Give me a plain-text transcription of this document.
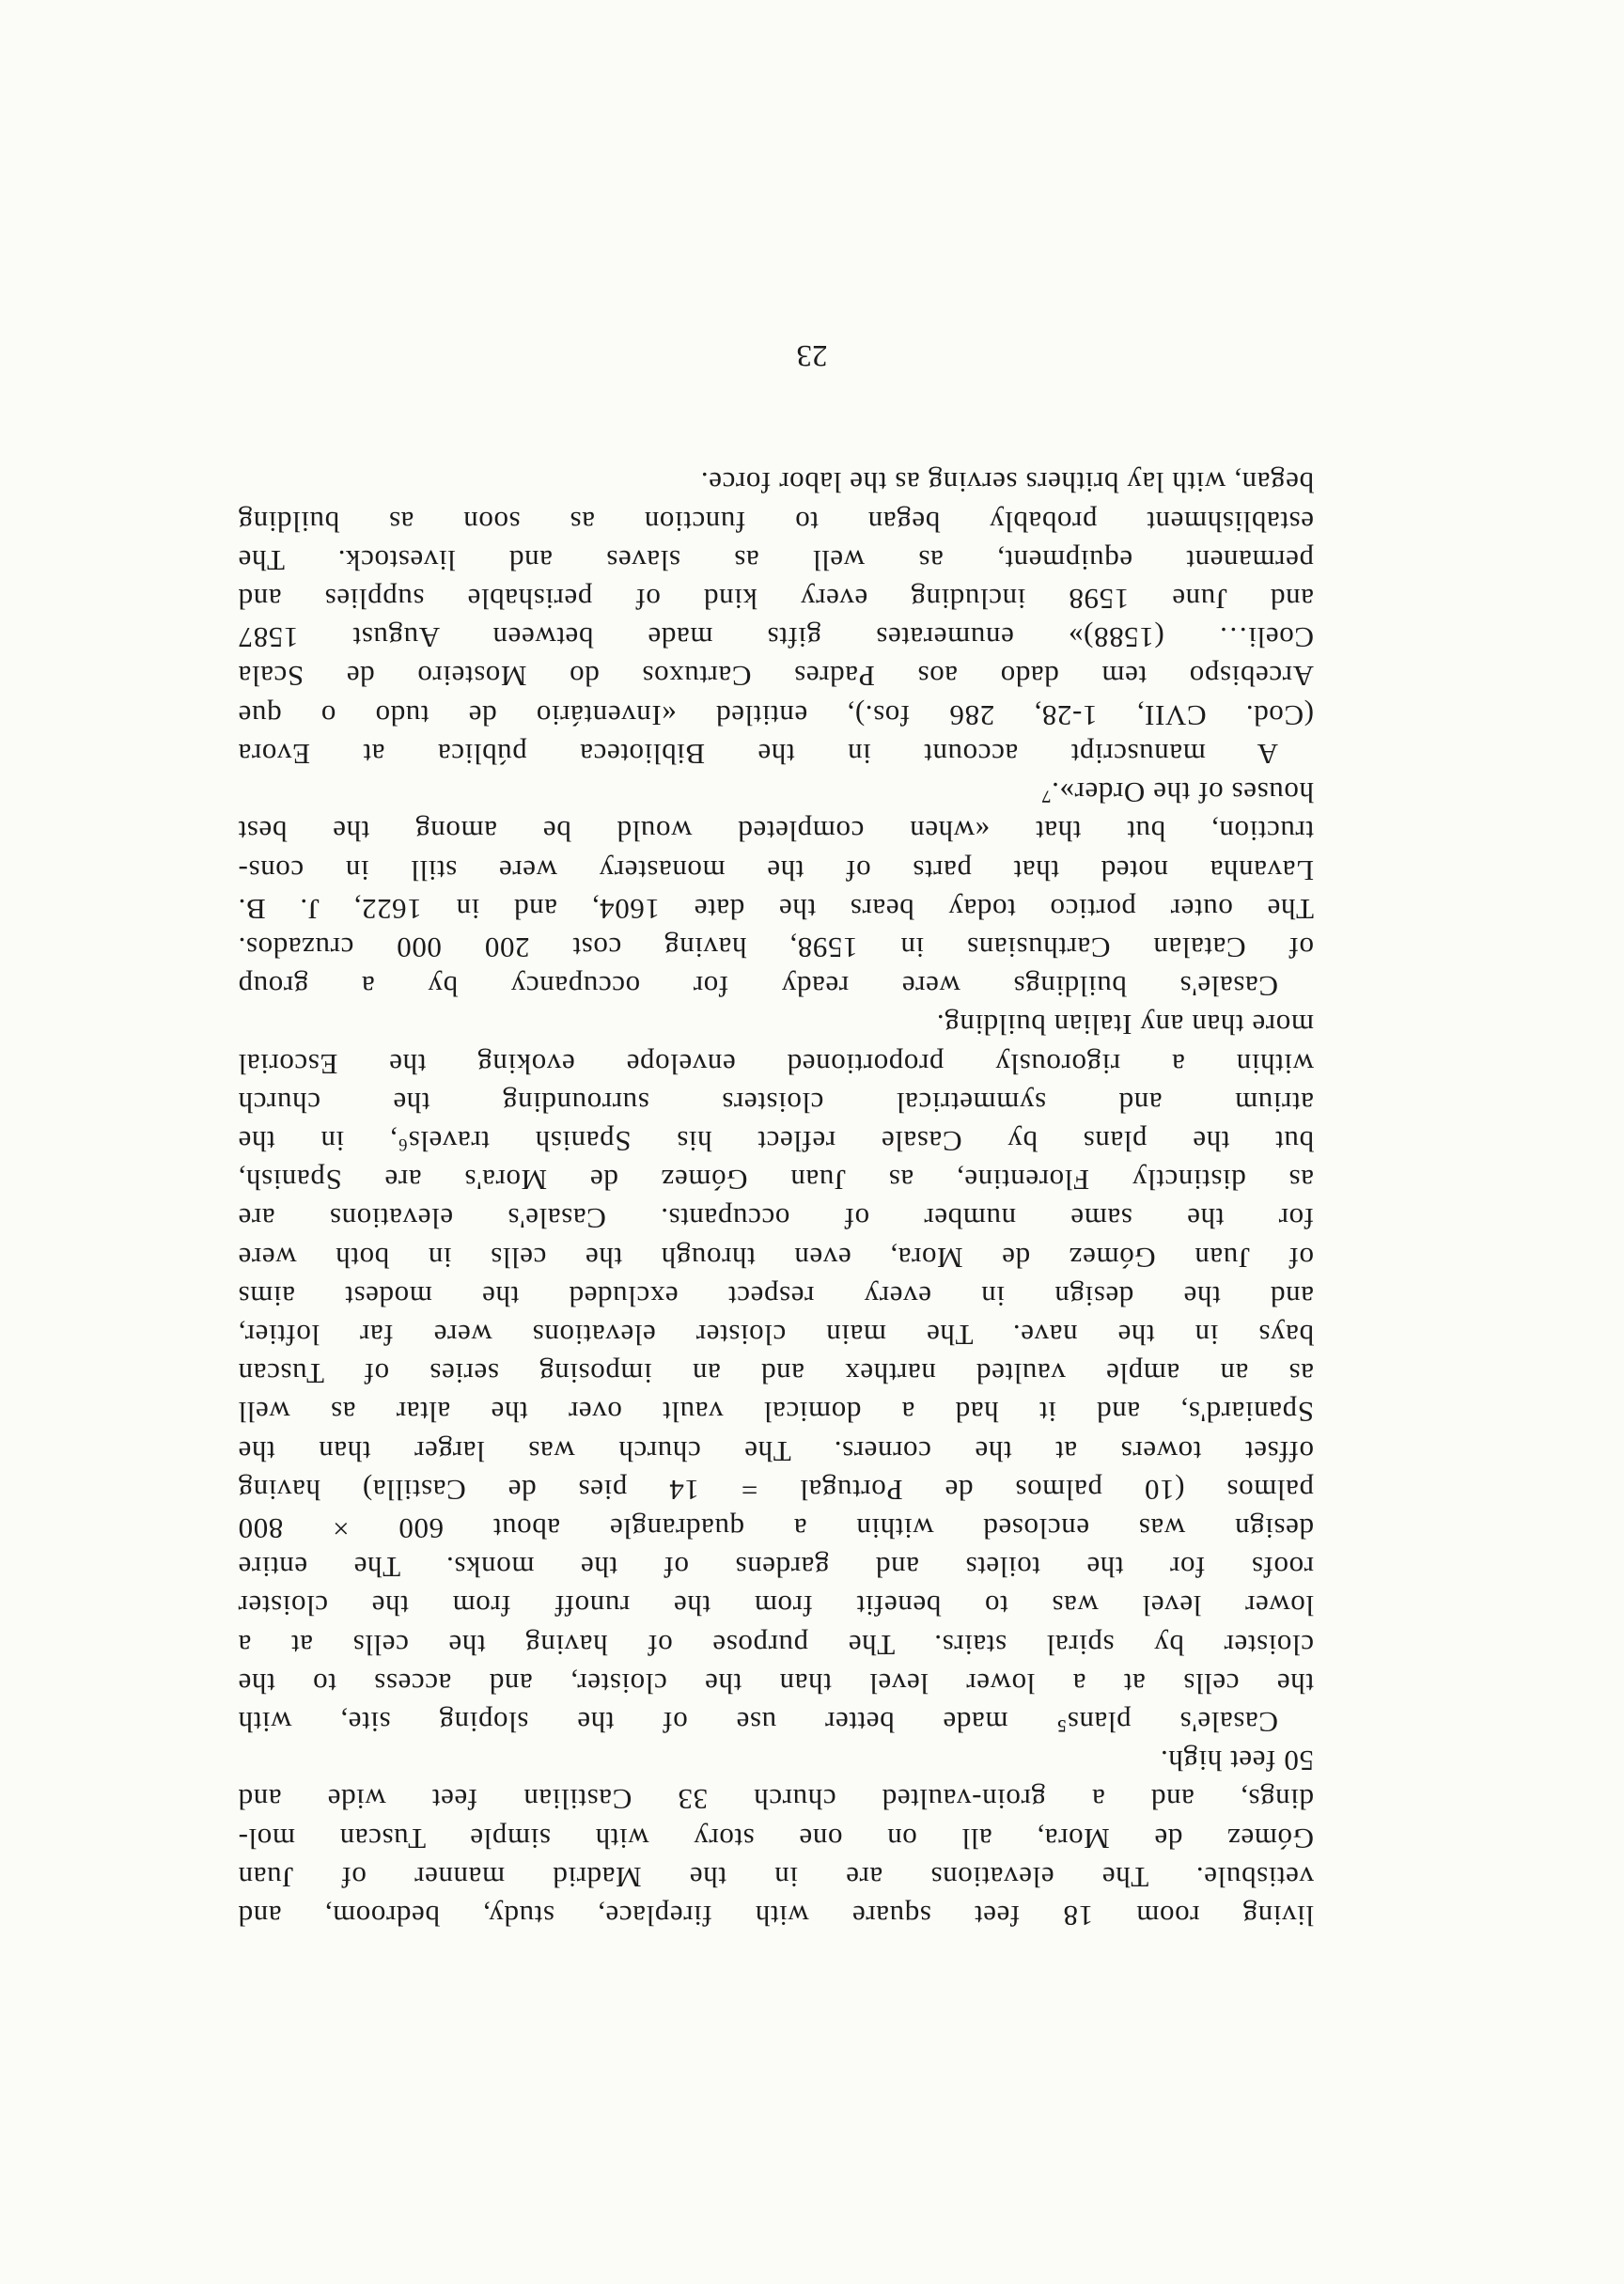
living room 18 feet square with fireplace, study, bedroom, and
vetisbule. The elevations are in the Madrid manner of Juan
Gómez de Mora, all on one story with simple Tuscan mol-
dings, and a groin-vaulted church 33 Castilian feet wide and
50 feet high.
Casale's plans⁵ made better use of the sloping site, with
the cells at a lower level than the cloister, and access to the
cloister by spiral stairs. The purpose of having the cells at a
lower level was to benefit from the runoff from the cloister
roofs for the toilets and gardens of the monks. The entire
design was enclosed within a quadrangle about 600 × 800
palmos (10 palmos de Portugal = 14 pies de Castilla) having
offset towers at the corners. The church was larger than the
Spaniard's, and it had a domical vault over the altar as well
as an ample vaulted narthex and an imposing series of Tuscan
bays in the nave. The main cloister elevations were far loftier,
and the design in every respect excluded the modest aims
of Juan Gómez de Mora, even through the cells in both were
for the same number of occupants. Casale's elevations are
as distinctly Florentine, as Juan Gómez de Mora's are Spanish,
but the plans by Casale reflect his Spanish travels⁶, in the
atrium and symmetrical cloisters surrounding the church
within a rigorously proportioned envelope evoking the Escorial
more than any Italian building.
Casale's buildings were ready for occupancy by a group
of Catalan Carthusians in 1598, having cost 200 000 cruzados.
The outer portico today bears the date 1604, and in 1622, J. B.
Lavanha noted that parts of the monastery were still in cons-
truction, but that «when completed would be among the best
houses of the Order».⁷
A manuscript account in the Biblioteca pública at Evora
(Cod. CVII, 1-28, 286 fos.), entitled «Inventário de tudo o que
Arcebispo tem dado aos Padres Cartuxos do Mosteiro de Scala
Coeli… (1588)» enumerates gifts made between August 1587
and June 1598 including every kind of perishable supplies and
permanent equipment, as well as slaves and livestock. The
establishment probably began to function as soon as building
began, with lay brithers serving as the labor force.
23
